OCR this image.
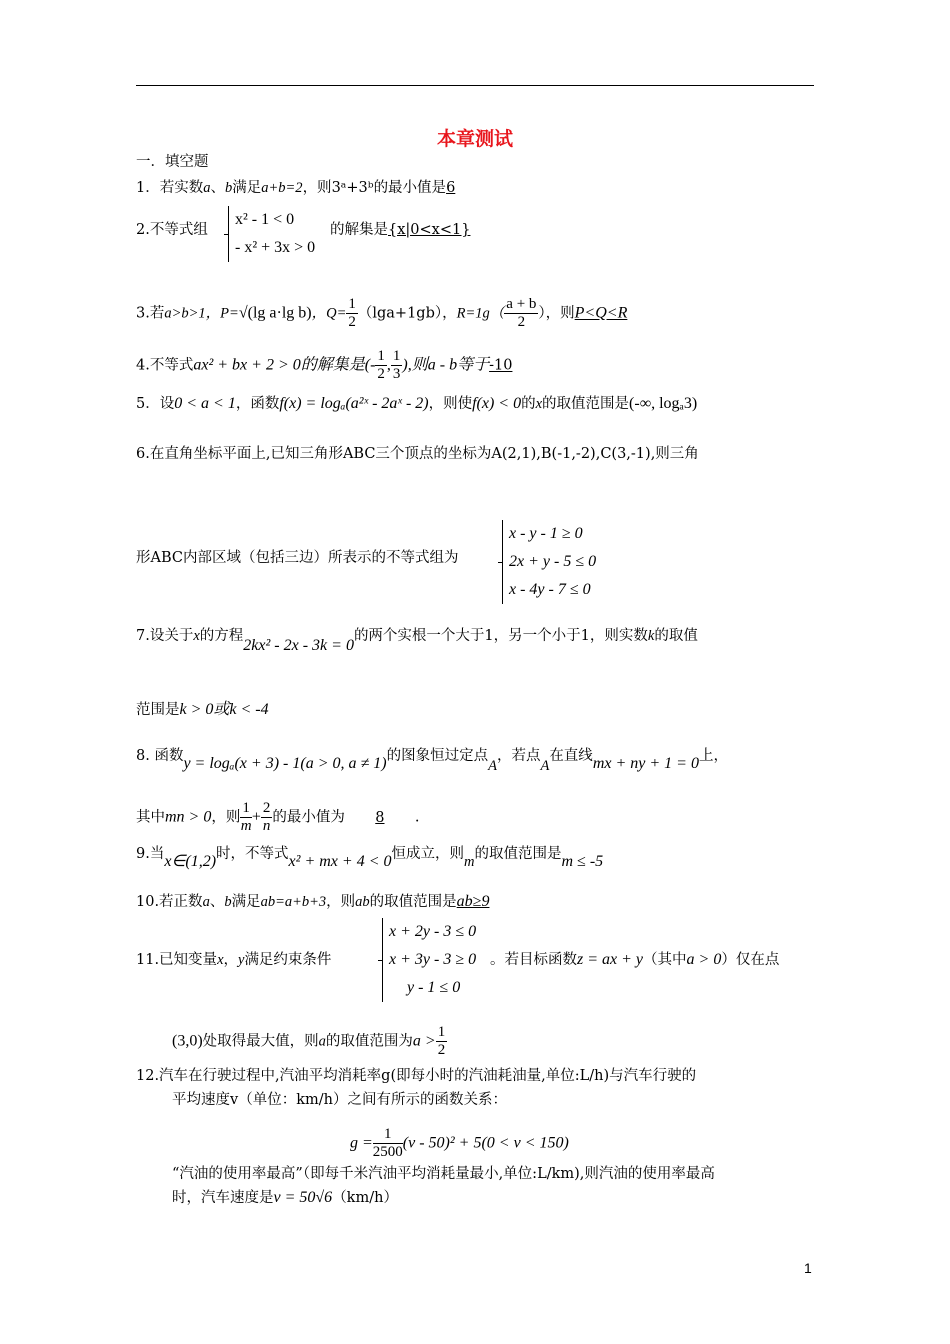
本章测试
一．填空题
1．若实数a、b满足a+b=2，则3ᵃ+3ᵇ的最小值是6
2.不等式组
x² - 1 < 0
- x² + 3x > 0
的解集是{x|0<x<1}
3.若a>b>1，P=√(lg a·lg b)，$Q= \frac{1}{2} (\lg a+1gb)$，$R=1g( \frac{a + b}{2}$ ），则P<Q<R
4.不等式ax² + bx + 2 > 0的解集是(- $\frac{1}{2}$ , $\frac{1}{3}$ ),则a - b等于-10
5．设0 < a < 1，函数f(x) = logₐ(a²ˣ - 2aˣ - 2)，则使f(x) < 0的x的取值范围是(-∞, logₐ3)
6.在直角坐标平面上,已知三角形ABC三个顶点的坐标为A(2,1),B(-1,-2),C(3,-1),则三角
形ABC内部区域（包括三边）所表示的不等式组为
x - y - 1 ≥ 0
2x + y - 5 ≤ 0
x - 4y - 7 ≤ 0
7.设关于x的方程2kx² - 2x - 3k = 0的两个实根一个大于1，另一个小于1，则实数k的取值
范围是k > 0或k < -4
8. 函数y = logₐ(x + 3) - 1(a > 0, a ≠ 1)的图象恒过定点A，若点A在直线mx + ny + 1 = 0上，
其中mn > 0，则 $\frac{1}{m} + \frac{2}{n}$ 的最小值为 8 .
9.当x∈(1,2)时，不等式x² + mx + 4 < 0恒成立，则m的取值范围是m ≤ -5
10.若正数a、b满足ab=a+b+3，则ab的取值范围是ab≥9
11.已知变量x，y满足约束条件
x + 2y - 3 ≤ 0
x + 3y - 3 ≥ 0
y - 1 ≤ 0
。若目标函数z = ax + y（其中a > 0）仅在点
(3,0)处取得最大值，则a的取值范围为$a > \frac{1}{2}$
12.汽车在行驶过程中,汽油平均消耗率g(即每小时的汽油耗油量,单位:L/h)与汽车行驶的
平均速度v（单位：km/h）之间有所示的函数关系：
$g = \frac{1}{2500} (v - 50)^2 + 5(0 < v < 150)$
“汽油的使用率最高”（即每千米汽油平均消耗量最小,单位:L/km),则汽油的使用率最高
时，汽车速度是v = 50√6（km/h）
1
